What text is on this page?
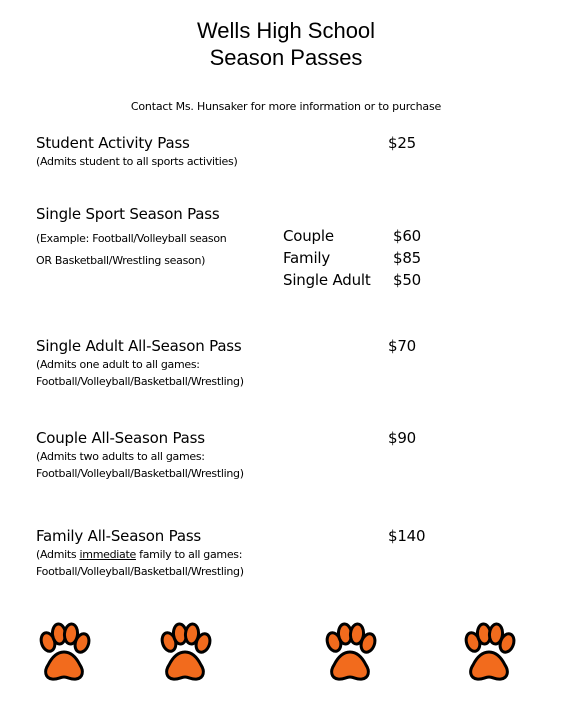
Wells High School
Season Passes
Contact Ms. Hunsaker for more information or to purchase
Student Activity Pass	$25
(Admits student to all sports activities)
Single Sport Season Pass
(Example: Football/Volleyball season
OR Basketball/Wrestling season)
Couple	$60
Family	$85
Single Adult $50
Single Adult All-Season Pass	$70
(Admits one adult to all games:
Football/Volleyball/Basketball/Wrestling)
Couple All-Season Pass	$90
(Admits two adults to all games:
Football/Volleyball/Basketball/Wrestling)
Family All-Season Pass	$140
(Admits immediate family to all games:
Football/Volleyball/Basketball/Wrestling)
